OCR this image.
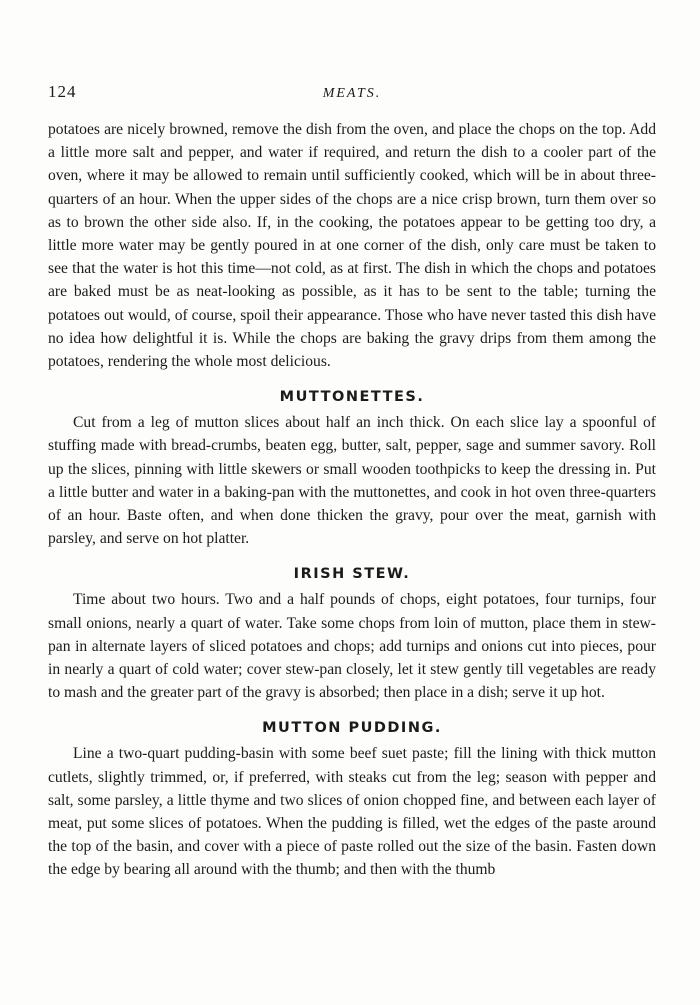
124	MEATS.

potatoes are nicely browned, remove the dish from the oven, and place the chops on the top. Add a little more salt and pepper, and water if required, and return the dish to a cooler part of the oven, where it may be allowed to remain until sufficiently cooked, which will be in about three-quarters of an hour. When the upper sides of the chops are a nice crisp brown, turn them over so as to brown the other side also. If, in the cooking, the potatoes appear to be getting too dry, a little more water may be gently poured in at one corner of the dish, only care must be taken to see that the water is hot this time—not cold, as at first. The dish in which the chops and potatoes are baked must be as neat-looking as possible, as it has to be sent to the table; turning the potatoes out would, of course, spoil their appearance. Those who have never tasted this dish have no idea how delightful it is. While the chops are baking the gravy drips from them among the potatoes, rendering the whole most delicious.

MUTTONETTES.

Cut from a leg of mutton slices about half an inch thick. On each slice lay a spoonful of stuffing made with bread-crumbs, beaten egg, butter, salt, pepper, sage and summer savory. Roll up the slices, pinning with little skewers or small wooden toothpicks to keep the dressing in. Put a little butter and water in a baking-pan with the muttonettes, and cook in hot oven three-quarters of an hour. Baste often, and when done thicken the gravy, pour over the meat, garnish with parsley, and serve on hot platter.

IRISH STEW.

Time about two hours. Two and a half pounds of chops, eight potatoes, four turnips, four small onions, nearly a quart of water. Take some chops from loin of mutton, place them in stew-pan in alternate layers of sliced potatoes and chops; add turnips and onions cut into pieces, pour in nearly a quart of cold water; cover stew-pan closely, let it stew gently till vegetables are ready to mash and the greater part of the gravy is absorbed; then place in a dish; serve it up hot.

MUTTON PUDDING.

Line a two-quart pudding-basin with some beef suet paste; fill the lining with thick mutton cutlets, slightly trimmed, or, if preferred, with steaks cut from the leg; season with pepper and salt, some parsley, a little thyme and two slices of onion chopped fine, and between each layer of meat, put some slices of potatoes. When the pudding is filled, wet the edges of the paste around the top of the basin, and cover with a piece of paste rolled out the size of the basin. Fasten down the edge by bearing all around with the thumb; and then with the thumb
